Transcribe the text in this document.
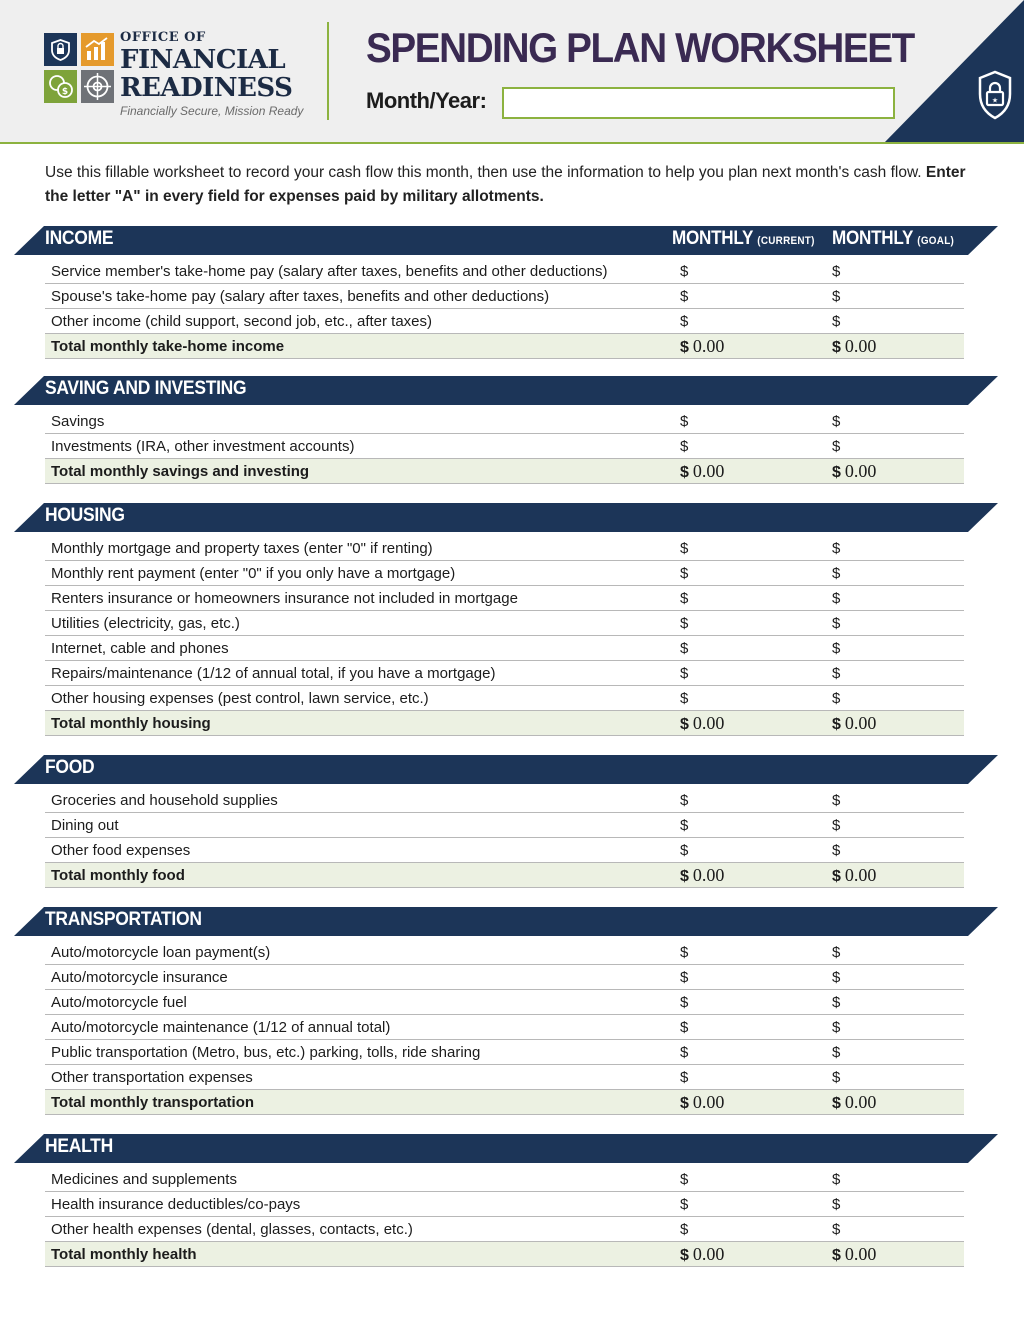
$
OFFICE OF
FINANCIAL
READINESS
Financially Secure, Mission Ready
SPENDING PLAN WORKSHEET
Month/Year:	★
Use this fillable worksheet to record your cash flow this month, then use the information to help you plan next month's cash flow. Enter the letter "A" in every field for expenses paid by military allotments.
INCOME	MONTHLY (CURRENT) MONTHLY (GOAL)
Service member's take-home pay (salary after taxes, benefits and other deductions)	$	$
Spouse's take-home pay (salary after taxes, benefits and other deductions)	$	$
Other income (child support, second job, etc., after taxes)	$	$
Total monthly take-home income	$ 0.00	$ 0.00
SAVING AND INVESTING
Savings	$	$
Investments (IRA, other investment accounts)	$	$
Total monthly savings and investing	$ 0.00	$ 0.00
HOUSING
Monthly mortgage and property taxes (enter "0" if renting)	$	$
Monthly rent payment (enter "0" if you only have a mortgage)	$	$
Renters insurance or homeowners insurance not included in mortgage	$	$
Utilities (electricity, gas, etc.)	$	$
Internet, cable and phones	$	$
Repairs/maintenance (1/12 of annual total, if you have a mortgage)	$	$
Other housing expenses (pest control, lawn service, etc.)	$	$
Total monthly housing	$ 0.00	$ 0.00
FOOD
Groceries and household supplies	$	$
Dining out	$	$
Other food expenses	$	$
Total monthly food	$ 0.00	$ 0.00
TRANSPORTATION
Auto/motorcycle loan payment(s)	$	$
Auto/motorcycle insurance	$	$
Auto/motorcycle fuel	$	$
Auto/motorcycle maintenance (1/12 of annual total)	$	$
Public transportation (Metro, bus, etc.) parking, tolls, ride sharing	$	$
Other transportation expenses	$	$
Total monthly transportation	$ 0.00	$ 0.00
HEALTH
Medicines and supplements	$	$
Health insurance deductibles/co-pays	$	$
Other health expenses (dental, glasses, contacts, etc.)	$	$
Total monthly health	$ 0.00	$ 0.00
